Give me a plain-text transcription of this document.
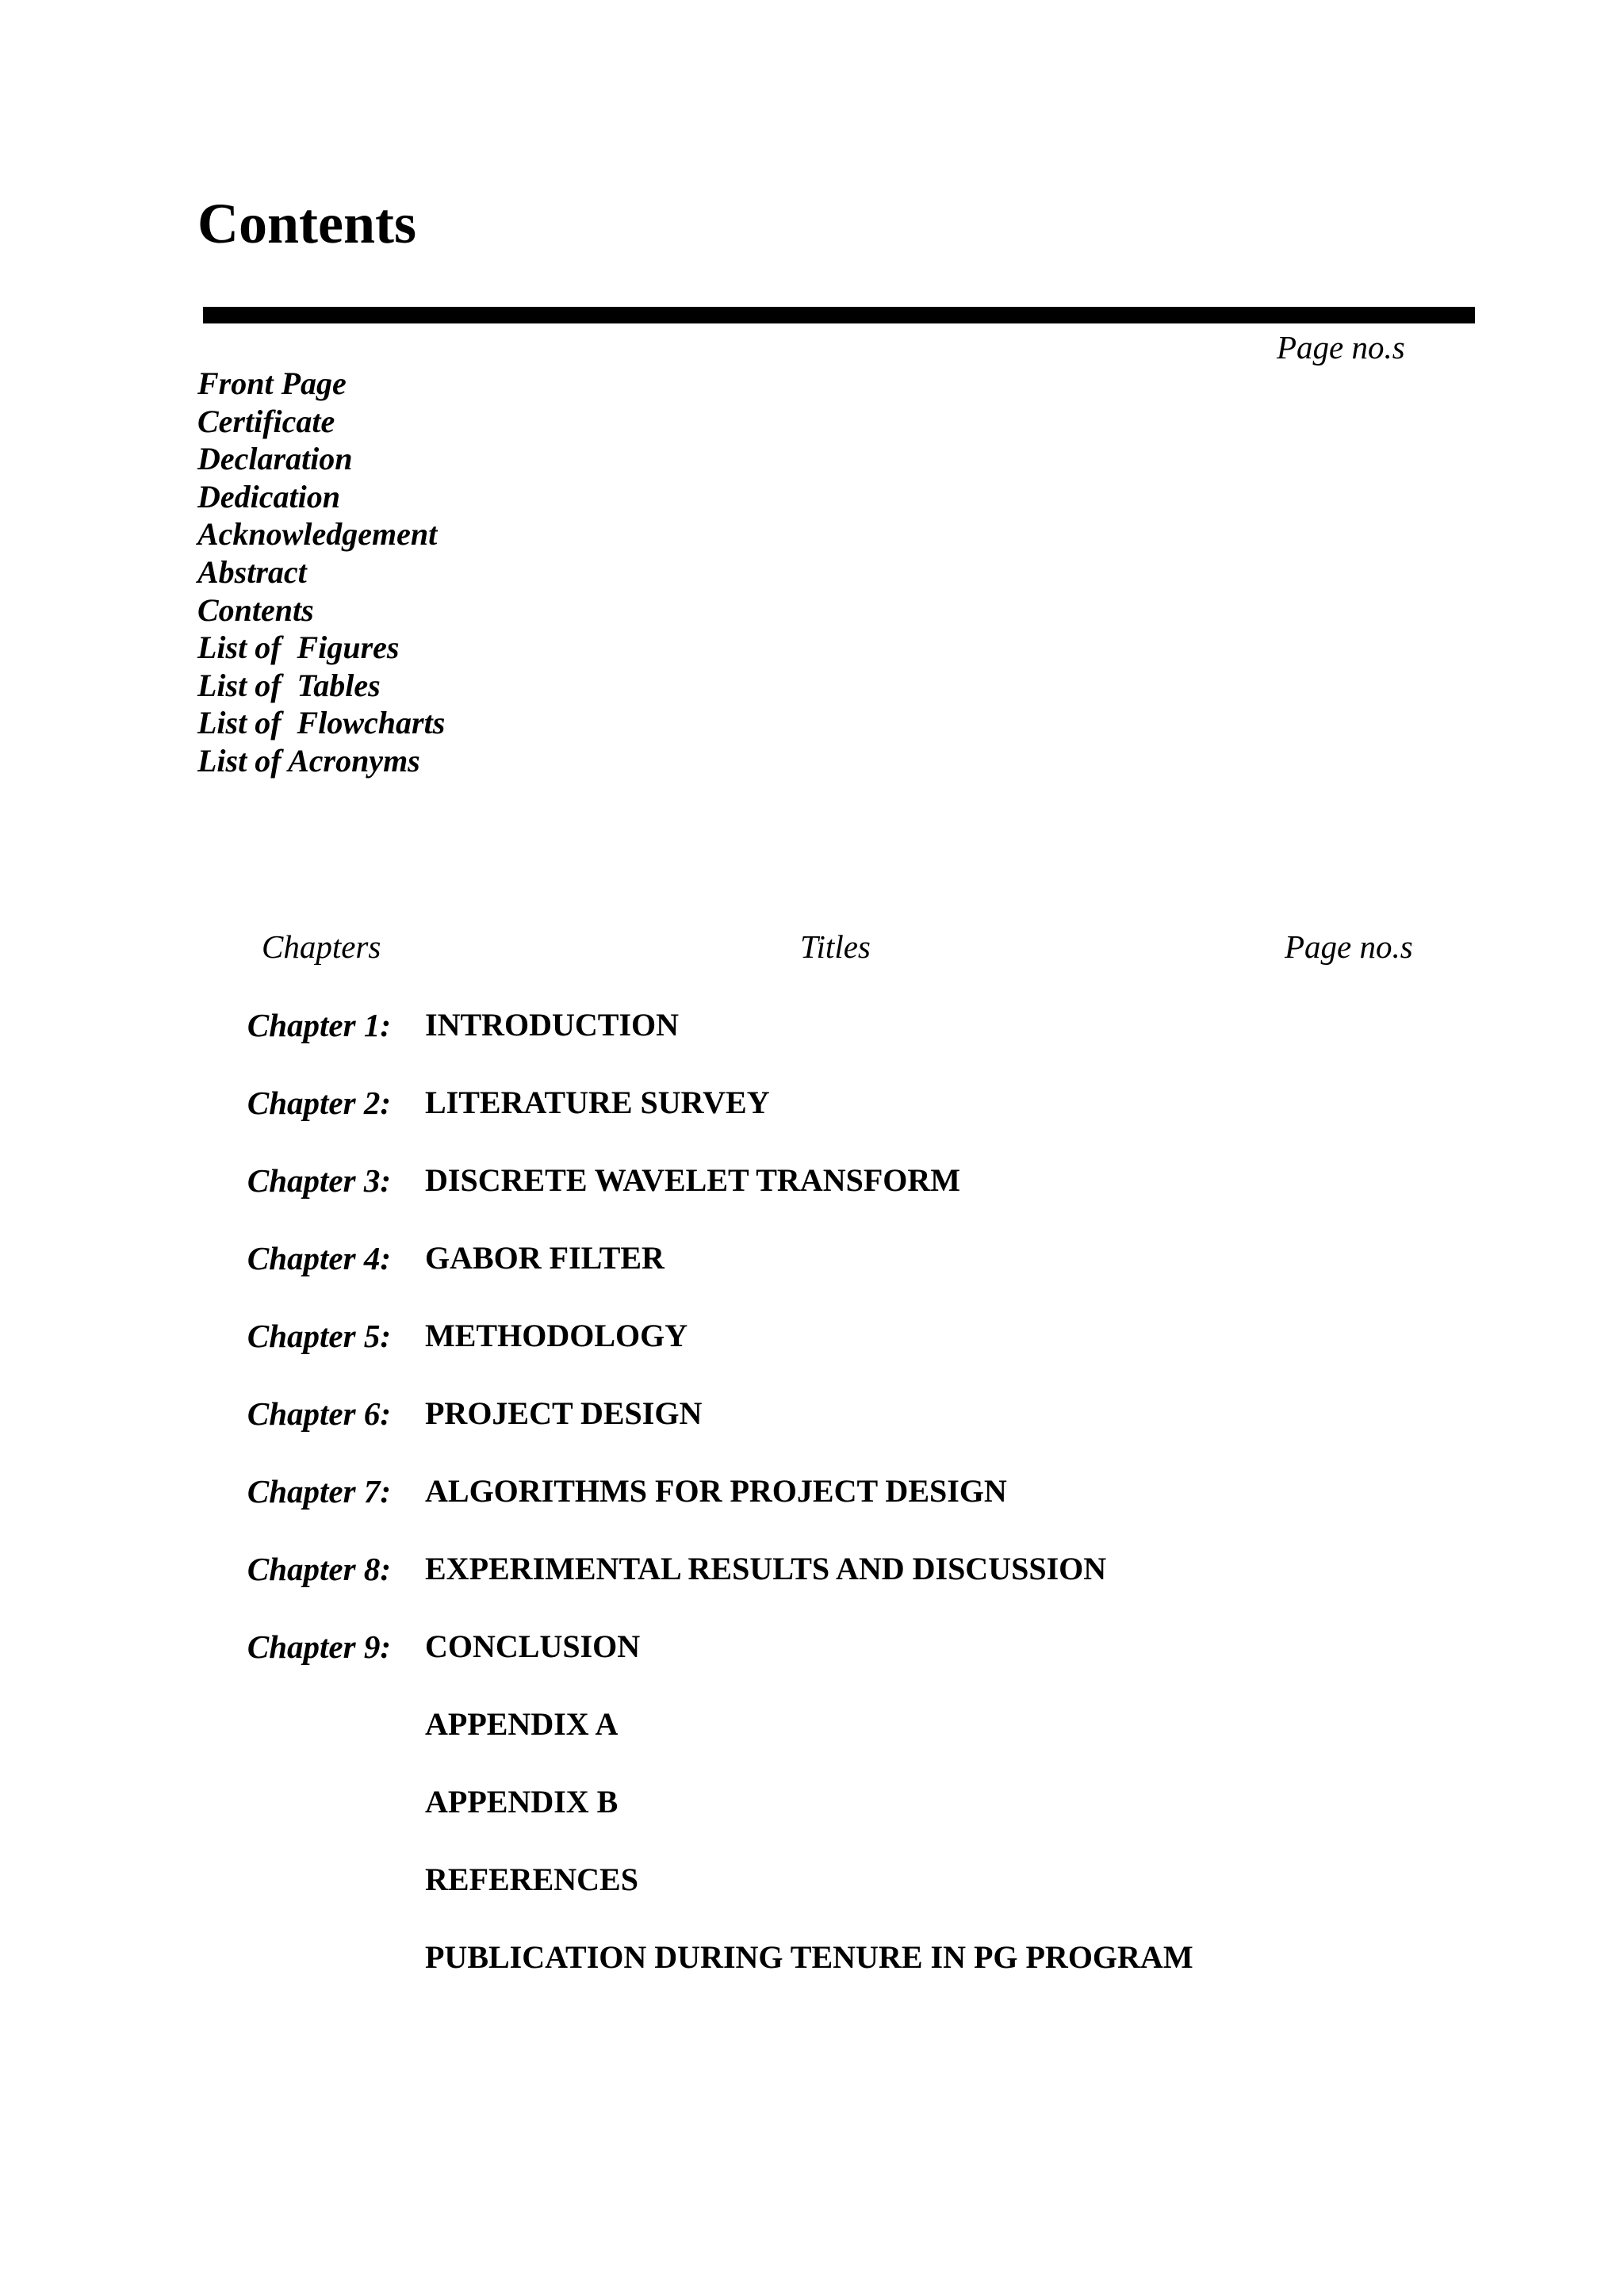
Contents
Page no.s
Front Page
Certificate
Declaration
Dedication
Acknowledgement
Abstract
Contents
List of  Figures
List of  Tables
List of  Flowcharts
List of Acronyms
Chapters	Titles	Page no.s
Chapter 1: INTRODUCTION
Chapter 2: LITERATURE SURVEY
Chapter 3: DISCRETE WAVELET TRANSFORM
Chapter 4: GABOR FILTER
Chapter 5: METHODOLOGY
Chapter 6: PROJECT DESIGN
Chapter 7: ALGORITHMS FOR PROJECT DESIGN
Chapter 8: EXPERIMENTAL RESULTS AND DISCUSSION
Chapter 9: CONCLUSION
APPENDIX A
APPENDIX B
REFERENCES
PUBLICATION DURING TENURE IN PG PROGRAM
